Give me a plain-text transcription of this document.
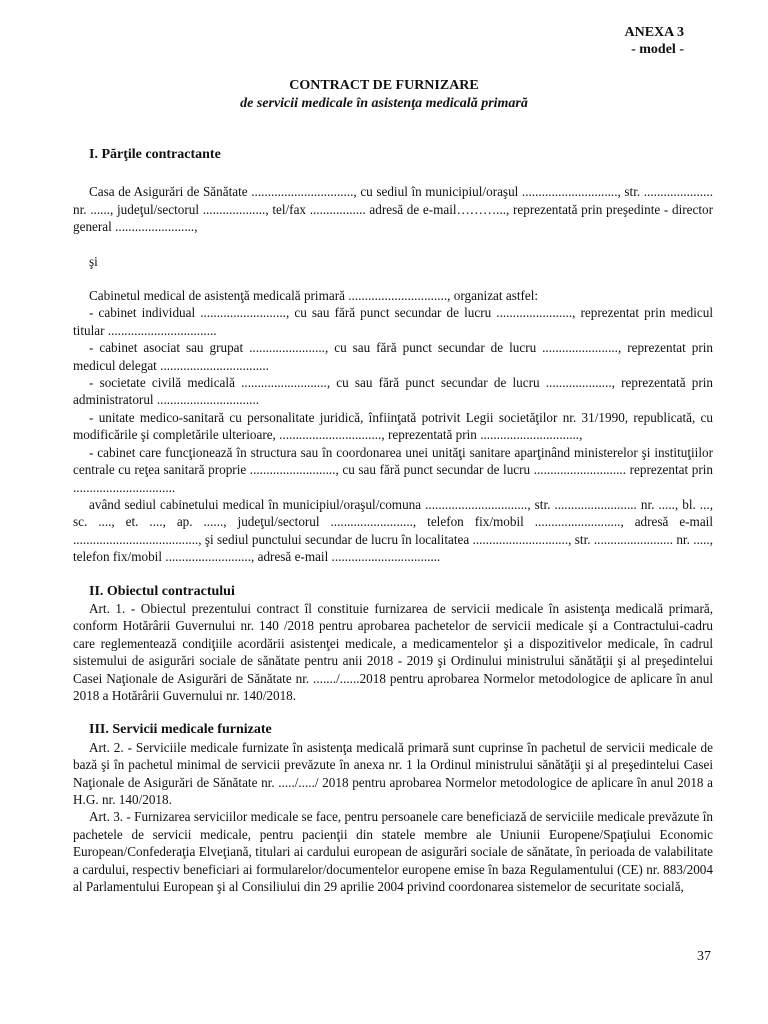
ANEXA 3
- model -
CONTRACT DE FURNIZARE
de servicii medicale în asistenţa medicală primară
I. Părţile contractante

Casa de Asigurări de Sănătate ..............................., cu sediul în municipiul/oraşul ............................., str. ..................... nr. ......, judeţul/sectorul ..................., tel/fax ................. adresă de e-mail………..., reprezentată prin preşedinte - director general ........................,

şi

Cabinetul medical de asistenţă medicală primară .............................., organizat astfel:

- cabinet individual .........................., cu sau fără punct secundar de lucru ......................., reprezentat prin medicul titular .................................

- cabinet asociat sau grupat ......................., cu sau fără punct secundar de lucru ......................., reprezentat prin medicul delegat .................................

- societate civilă medicală .........................., cu sau fără punct secundar de lucru ...................., reprezentată prin administratorul ...............................

- unitate medico-sanitară cu personalitate juridică, înfiinţată potrivit Legii societăţilor nr. 31/1990, republicată, cu modificările şi completările ulterioare, ..............................., reprezentată prin ..............................,

- cabinet care funcţionează în structura sau în coordonarea unei unităţi sanitare aparţinând ministerelor şi instituţiilor centrale cu reţea sanitară proprie .........................., cu sau fără punct secundar de lucru ............................ reprezentat prin ...............................

având sediul cabinetului medical în municipiul/oraşul/comuna ..............................., str. ......................... nr. ....., bl. ..., sc. ...., et. ...., ap. ......, judeţul/sectorul ........................., telefon fix/mobil .........................., adresă e-mail ......................................, şi sediul punctului secundar de lucru în localitatea ............................., str. ........................ nr. ....., telefon fix/mobil .........................., adresă e-mail .................................

II. Obiectul contractului

Art. 1. - Obiectul prezentului contract îl constituie furnizarea de servicii medicale în asistenţa medicală primară, conform Hotărârii Guvernului nr. 140 /2018 pentru aprobarea pachetelor de servicii medicale şi a Contractului-cadru care reglementează condiţiile acordării asistenţei medicale, a medicamentelor şi a dispozitivelor medicale, în cadrul sistemului de asigurări sociale de sănătate pentru anii 2018 - 2019 şi Ordinului ministrului sănătăţii şi al preşedintelui Casei Naţionale de Asigurări de Sănătate nr. ......./......2018 pentru aprobarea Normelor metodologice de aplicare în anul 2018 a Hotărârii Guvernului nr. 140/2018.

III. Servicii medicale furnizate

Art. 2. - Serviciile medicale furnizate în asistenţa medicală primară sunt cuprinse în pachetul de servicii medicale de bază şi în pachetul minimal de servicii prevăzute în anexa nr. 1 la Ordinul ministrului sănătăţii şi al preşedintelui Casei Naţionale de Asigurări de Sănătate nr. ...../...../ 2018 pentru aprobarea Normelor metodologice de aplicare în anul 2018 a H.G. nr. 140/2018.

Art. 3. - Furnizarea serviciilor medicale se face, pentru persoanele care beneficiază de serviciile medicale prevăzute în pachetele de servicii medicale, pentru pacienţii din statele membre ale Uniunii Europene/Spaţiului Economic European/Confederaţia Elveţiană, titulari ai cardului european de asigurări sociale de sănătate, în perioada de valabilitate a cardului, respectiv beneficiari ai formularelor/documentelor europene emise în baza Regulamentului (CE) nr. 883/2004 al Parlamentului European şi al Consiliului din 29 aprilie 2004 privind coordonarea sistemelor de securitate socială,

37
